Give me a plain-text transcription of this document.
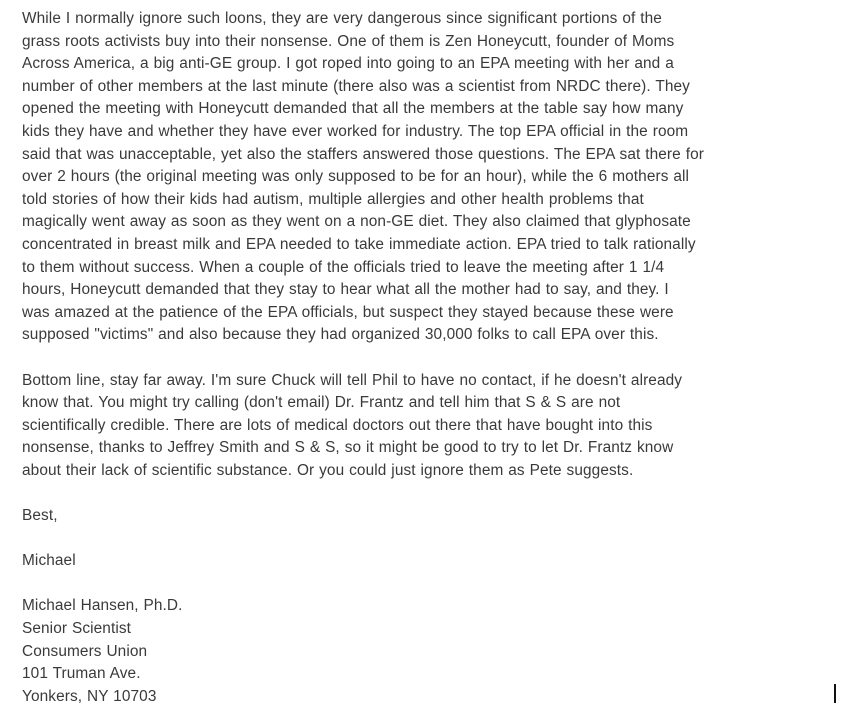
While I normally ignore such loons, they are very dangerous since significant portions of the

grass roots activists buy into their nonsense. One of them is Zen Honeycutt, founder of Moms

Across America, a big anti-GE group. I got roped into going to an EPA meeting with her and a

number of other members at the last minute (there also was a scientist from NRDC there). They

opened the meeting with Honeycutt demanded that all the members at the table say how many

kids they have and whether they have ever worked for industry. The top EPA official in the room

said that was unacceptable, yet also the staffers answered those questions. The EPA sat there for

over 2 hours (the original meeting was only supposed to be for an hour), while the 6 mothers all

told stories of how their kids had autism, multiple allergies and other health problems that

magically went away as soon as they went on a non-GE diet. They also claimed that glyphosate

concentrated in breast milk and EPA needed to take immediate action. EPA tried to talk rationally

to them without success. When a couple of the officials tried to leave the meeting after 1 1/4

hours, Honeycutt demanded that they stay to hear what all the mother had to say, and they. I

was amazed at the patience of the EPA officials, but suspect they stayed because these were

supposed "victims" and also because they had organized 30,000 folks to call EPA over this.

Bottom line, stay far away. I'm sure Chuck will tell Phil to have no contact, if he doesn't already

know that. You might try calling (don't email) Dr. Frantz and tell him that S & S are not

scientifically credible. There are lots of medical doctors out there that have bought into this

nonsense, thanks to Jeffrey Smith and S & S, so it might be good to try to let Dr. Frantz know

about their lack of scientific substance. Or you could just ignore them as Pete suggests.

Best,

Michael

Michael Hansen, Ph.D.

Senior Scientist

Consumers Union

101 Truman Ave.

Yonkers, NY 10703
